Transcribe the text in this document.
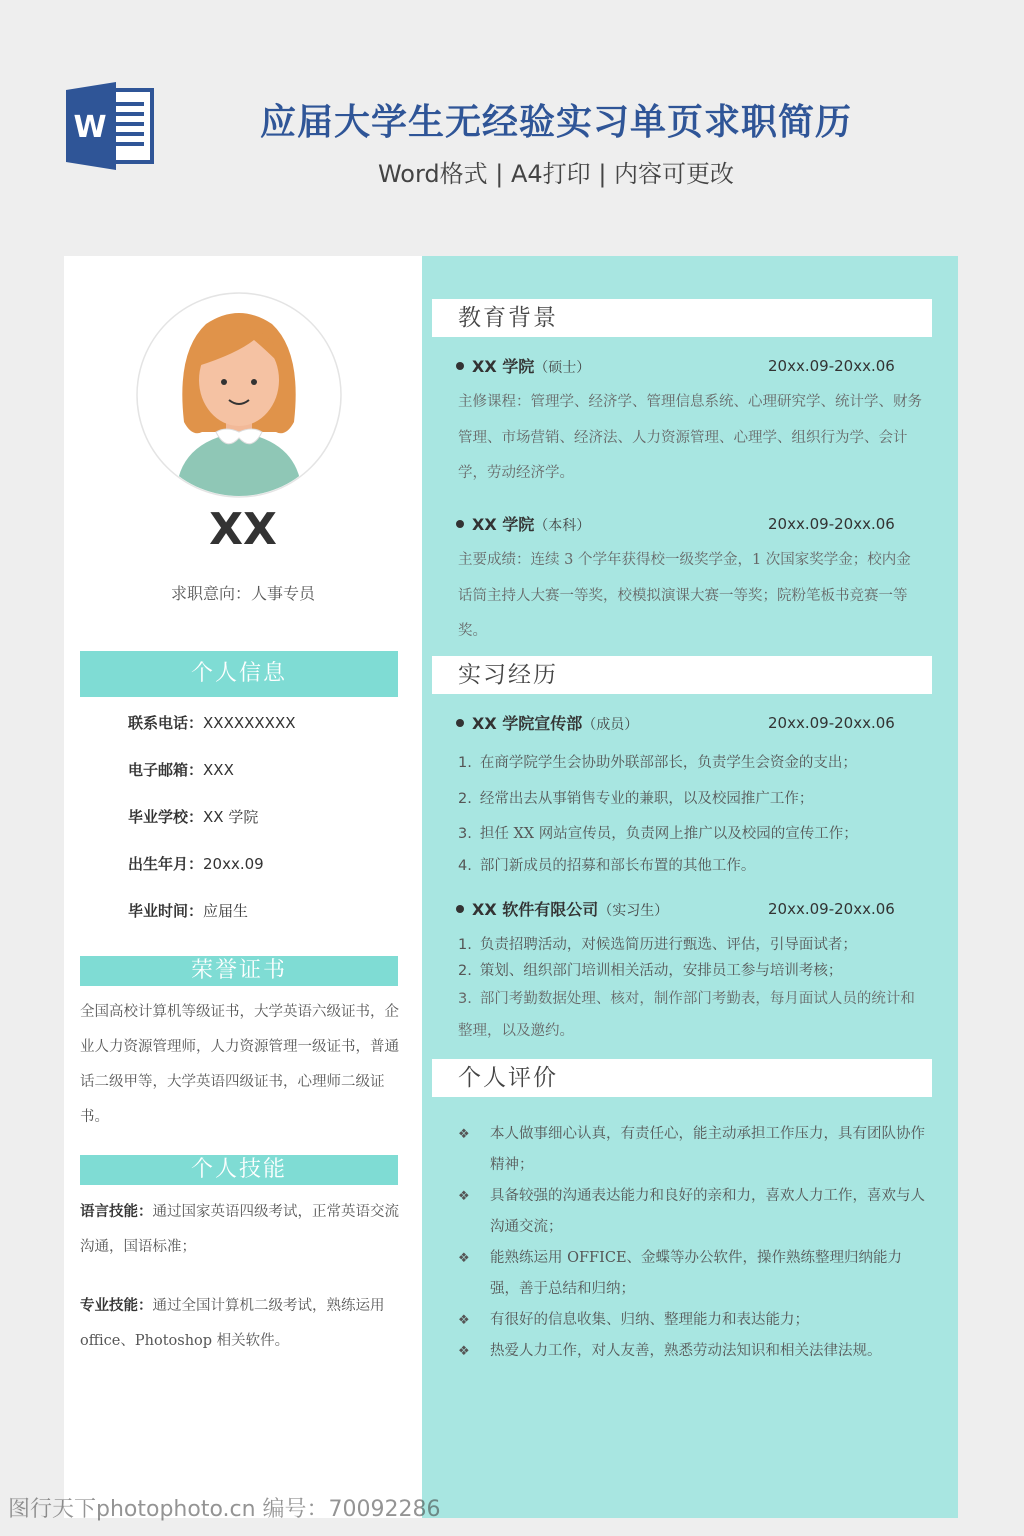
W	应届大学生无经验实习单页求职简历
Word格式 | A4打印 | 内容可更改
XX
求职意向：人事专员
个人信息
联系电话：XXXXXXXXX
电子邮箱：XXX
毕业学校：XX 学院
出生年月：20xx.09
毕业时间：应届生
荣誉证书
全国高校计算机等级证书，大学英语六级证书，企业人力资源管理师，人力资源管理一级证书，普通话二级甲等，大学英语四级证书，心理师二级证书。
个人技能
语言技能：通过国家英语四级考试，正常英语交流沟通，国语标准；
专业技能：通过全国计算机二级考试，熟练运用 office、Photoshop 相关软件。
教育背景
XX 学院（硕士）	20xx.09-20xx.06
主修课程：管理学、经济学、管理信息系统、心理研究学、统计学、财务管理、市场营销、经济法、人力资源管理、心理学、组织行为学、会计学，劳动经济学。
XX 学院（本科）	20xx.09-20xx.06
主要成绩：连续 3 个学年获得校一级奖学金，1 次国家奖学金；校内金话筒主持人大赛一等奖，校模拟演课大赛一等奖；院粉笔板书竞赛一等奖。
实习经历
XX 学院宣传部（成员）	20xx.09-20xx.06
1. 在商学院学生会协助外联部部长，负责学生会资金的支出；
2. 经常出去从事销售专业的兼职，以及校园推广工作；
3. 担任 XX 网站宣传员，负责网上推广以及校园的宣传工作；
4. 部门新成员的招募和部长布置的其他工作。
XX 软件有限公司（实习生）	20xx.09-20xx.06
1. 负责招聘活动，对候选简历进行甄选、评估，引导面试者；
2. 策划、组织部门培训相关活动，安排员工参与培训考核；
3. 部门考勤数据处理、核对，制作部门考勤表，每月面试人员的统计和整理，以及邀约。
个人评价
❖ 本人做事细心认真，有责任心，能主动承担工作压力，具有团队协作精神；
❖ 具备较强的沟通表达能力和良好的亲和力，喜欢人力工作，喜欢与人沟通交流；
❖ 能熟练运用 OFFICE、金蝶等办公软件，操作熟练整理归纳能力强，善于总结和归纳；
❖ 有很好的信息收集、归纳、整理能力和表达能力；
❖ 热爱人力工作，对人友善，熟悉劳动法知识和相关法律法规。
图行天下photophoto.cn 编号：70092286
